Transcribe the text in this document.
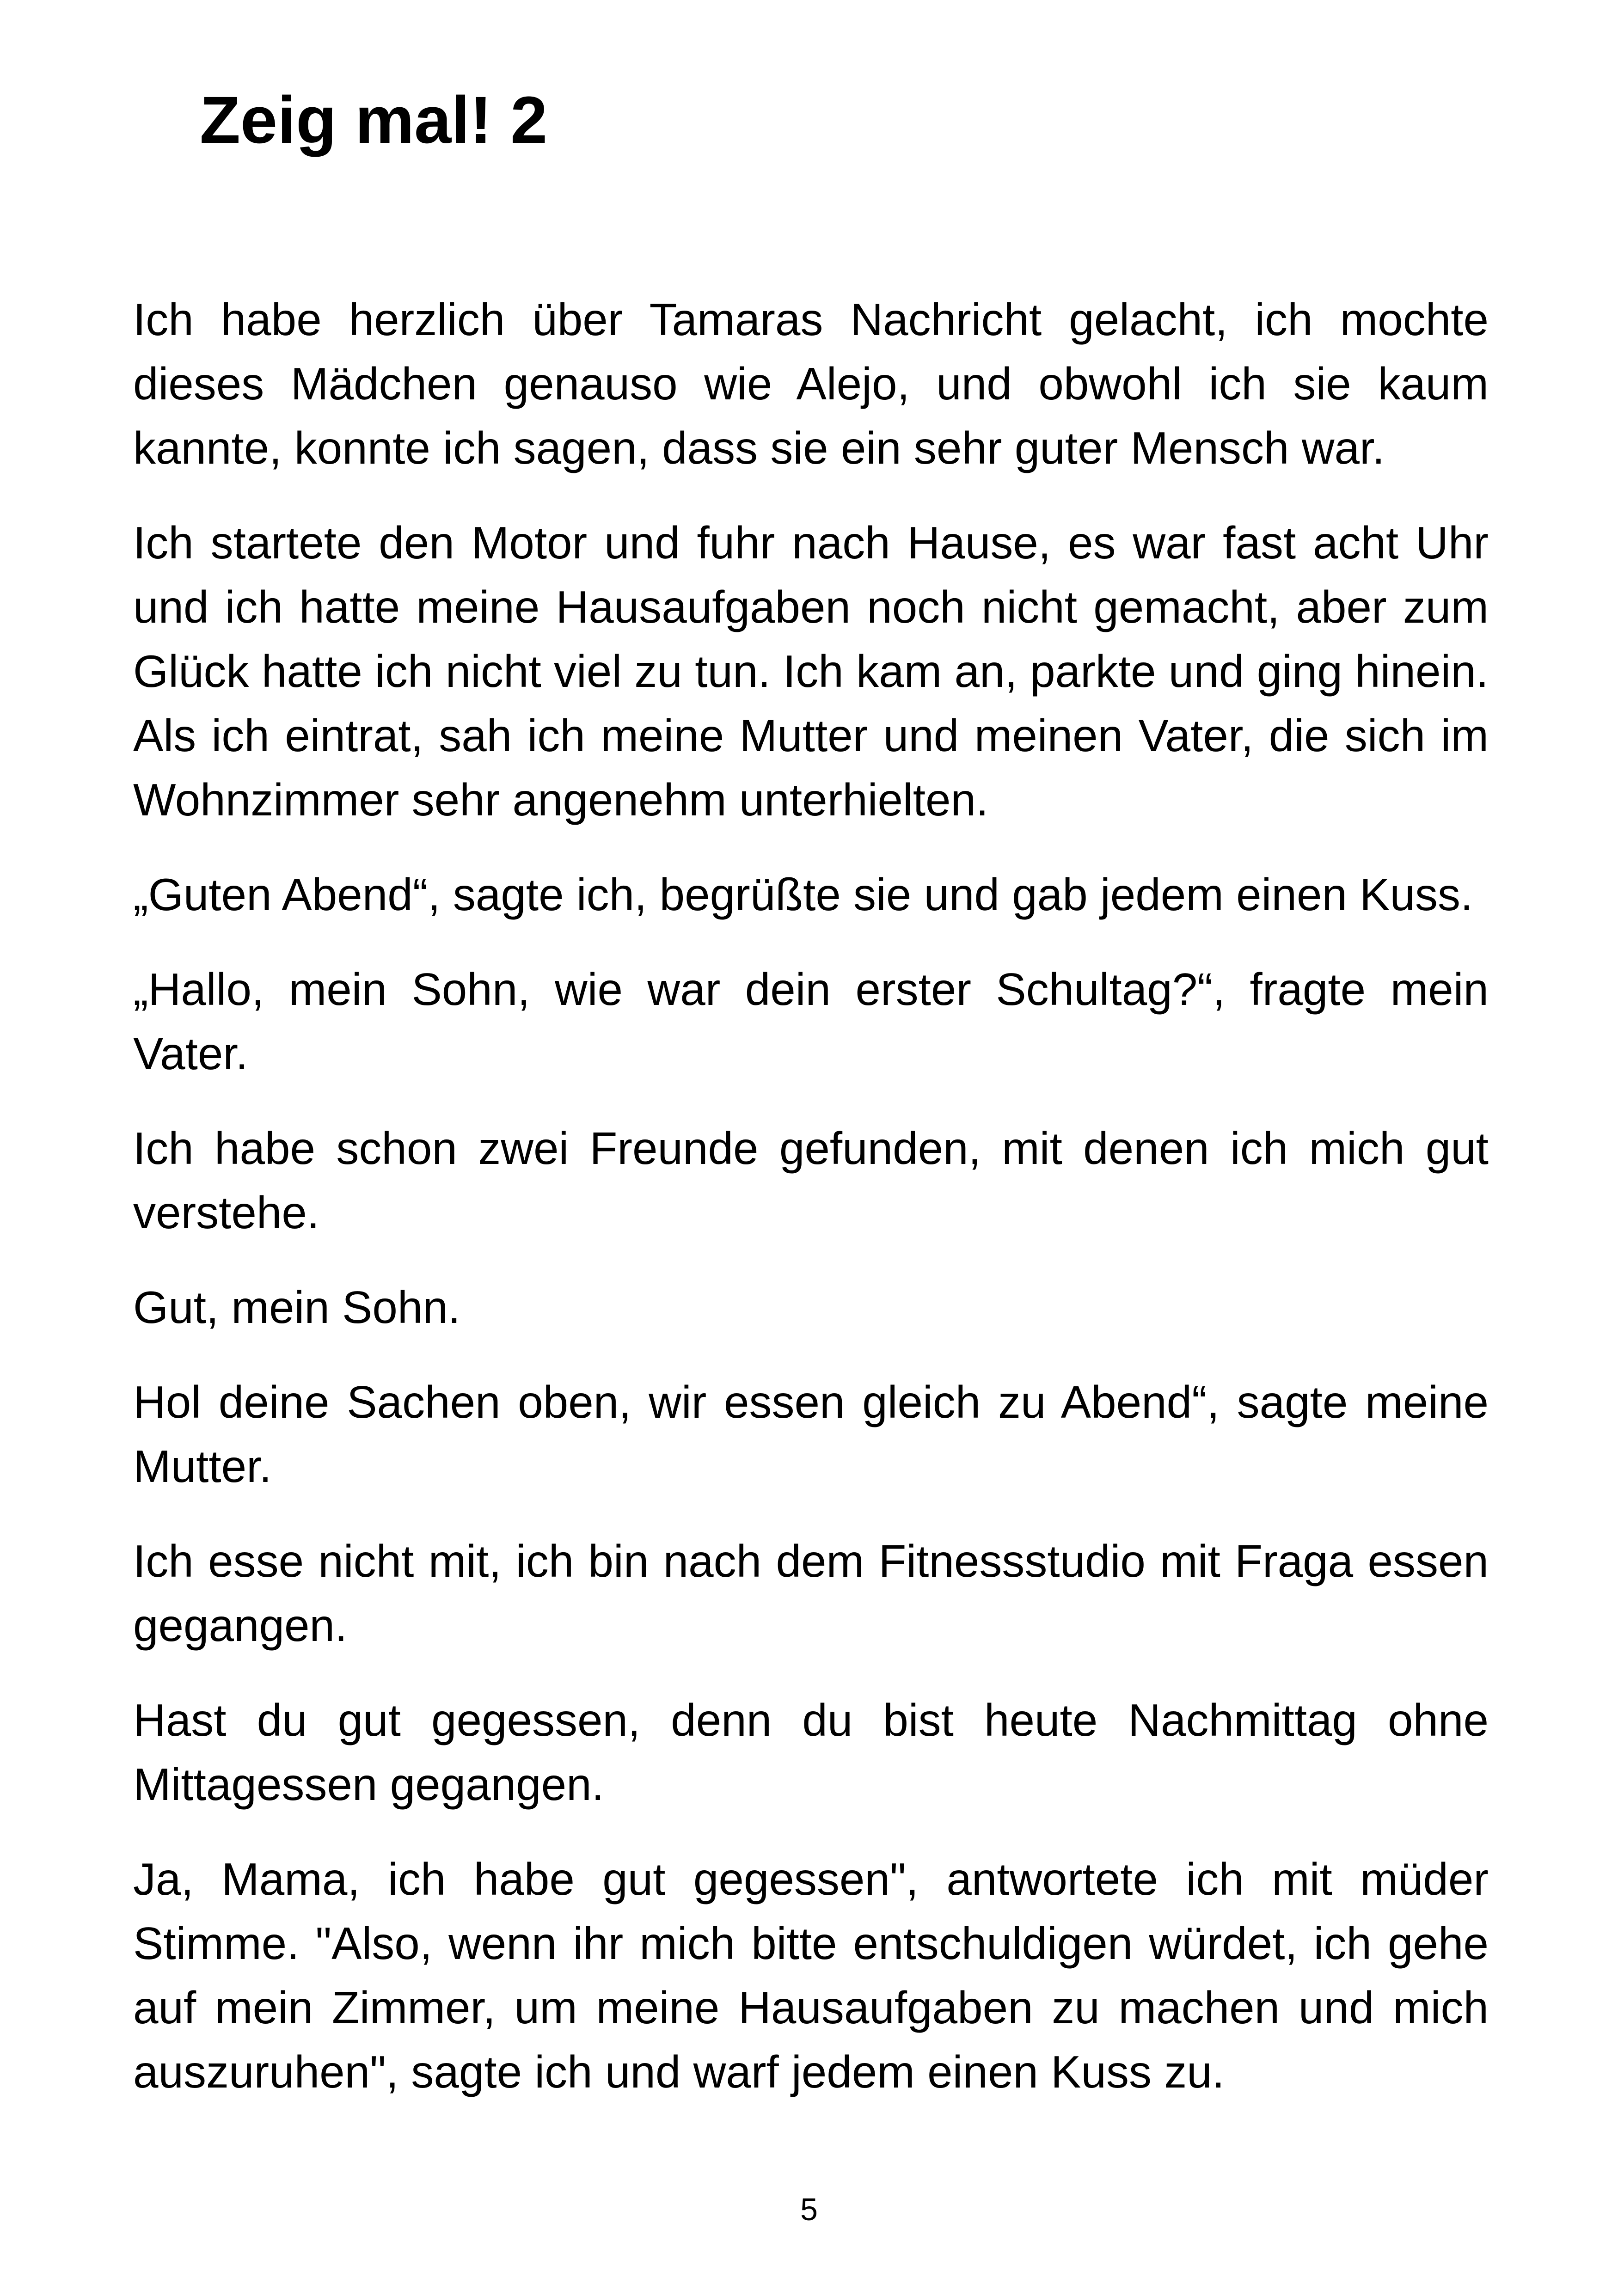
Zeig mal! 2

Ich habe herzlich über Tamaras Nachricht gelacht, ich mochte dieses Mädchen genauso wie Alejo, und obwohl ich sie kaum kannte, konnte ich sagen, dass sie ein sehr guter Mensch war.

Ich startete den Motor und fuhr nach Hause, es war fast acht Uhr und ich hatte meine Hausaufgaben noch nicht gemacht, aber zum Glück hatte ich nicht viel zu tun. Ich kam an, parkte und ging hinein. Als ich eintrat, sah ich meine Mutter und meinen Vater, die sich im Wohnzimmer sehr angenehm unterhielten.

„Guten Abend“, sagte ich, begrüßte sie und gab jedem einen Kuss.

„Hallo, mein Sohn, wie war dein erster Schultag?“, fragte mein Vater.

Ich habe schon zwei Freunde gefunden, mit denen ich mich gut verstehe.

Gut, mein Sohn.

Hol deine Sachen oben, wir essen gleich zu Abend“, sagte meine Mutter.

Ich esse nicht mit, ich bin nach dem Fitnessstudio mit Fraga essen gegangen.

Hast du gut gegessen, denn du bist heute Nachmittag ohne Mittagessen gegangen.

Ja, Mama, ich habe gut gegessen", antwortete ich mit müder Stimme. "Also, wenn ihr mich bitte entschuldigen würdet, ich gehe auf mein Zimmer, um meine Hausaufgaben zu machen und mich auszuruhen", sagte ich und warf jedem einen Kuss zu.

5
